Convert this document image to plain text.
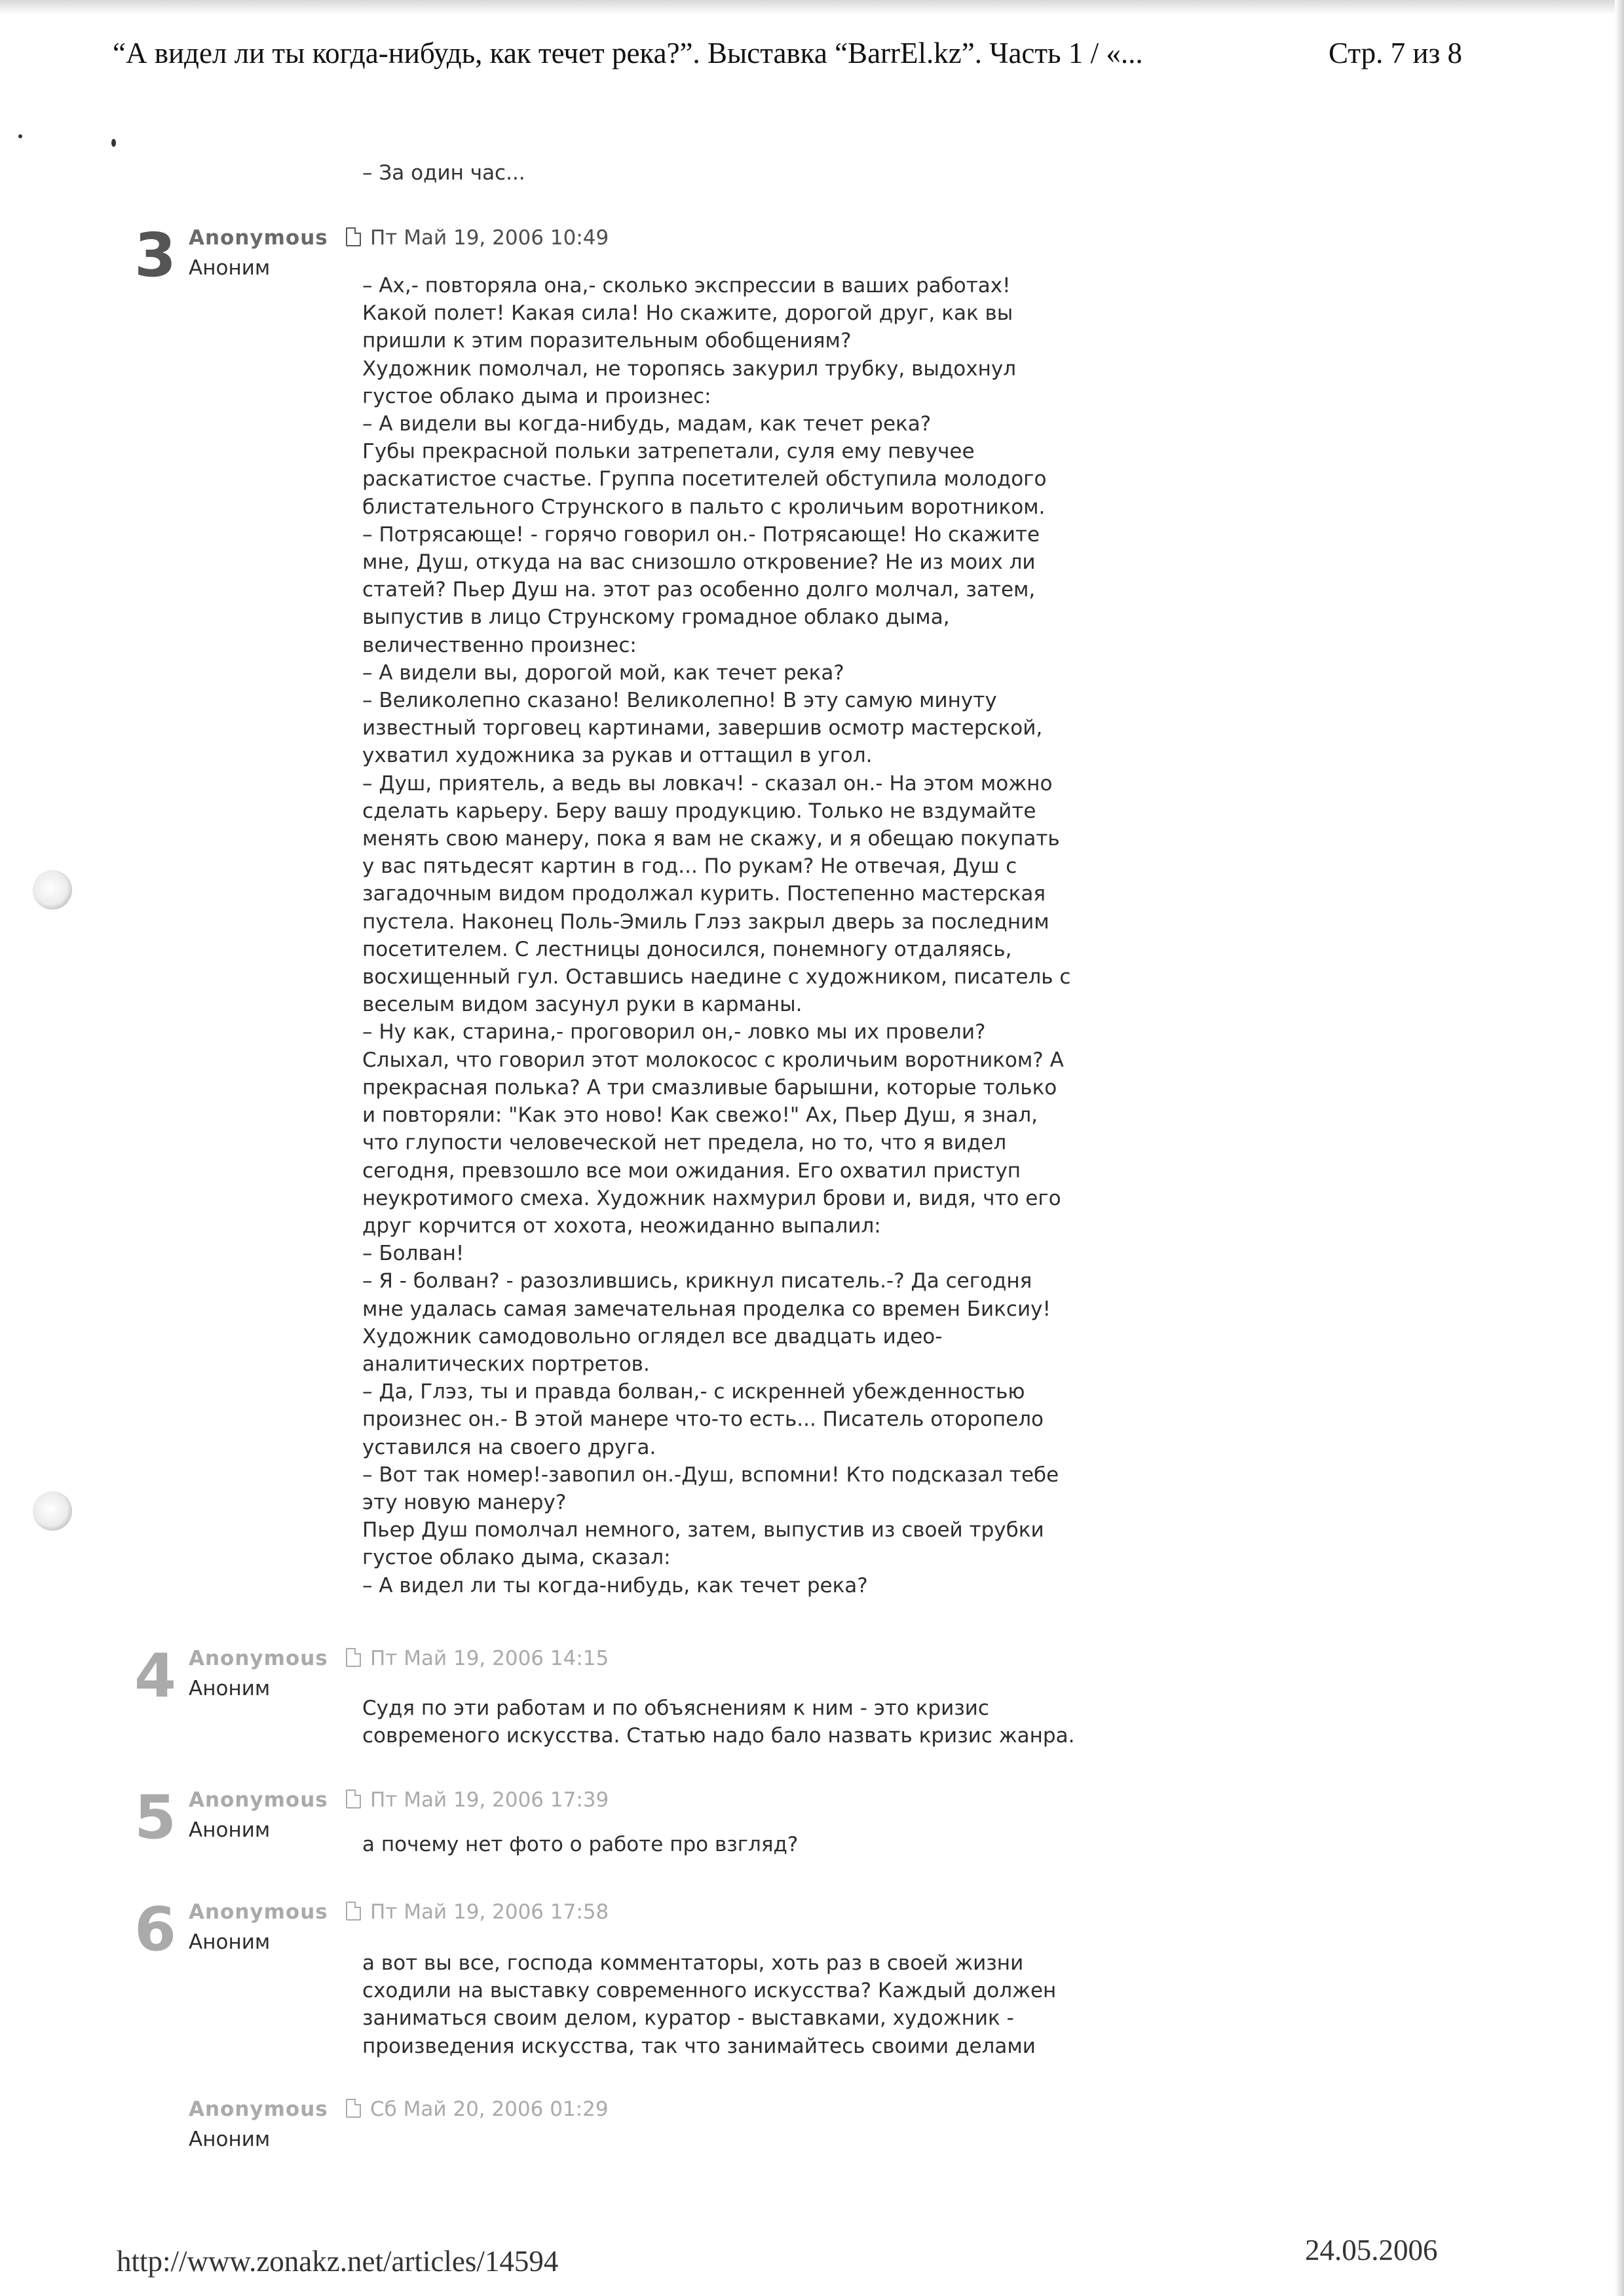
“А видел ли ты когда-нибудь, как течет река?”. Выставка “BarrEl.kz”. Часть 1 / «...	Стр. 7 из 8
– За один час...
3 Anonymous
Аноним
Пт Май 19, 2006 10:49
– Ах,- повторяла она,- сколько экспрессии в ваших работах!
Какой полет! Какая сила! Но скажите, дорогой друг, как вы
пришли к этим поразительным обобщениям?
Художник помолчал, не торопясь закурил трубку, выдохнул
густое облако дыма и произнес:
– А видели вы когда-нибудь, мадам, как течет река?
Губы прекрасной польки затрепетали, суля ему певучее
раскатистое счастье. Группа посетителей обступила молодого
блистательного Струнского в пальто с кроличьим воротником.
– Потрясающе! - горячо говорил он.- Потрясающе! Но скажите
мне, Душ, откуда на вас снизошло откровение? Не из моих ли
статей? Пьер Душ на. этот раз особенно долго молчал, затем,
выпустив в лицо Струнскому громадное облако дыма,
величественно произнес:
– А видели вы, дорогой мой, как течет река?
– Великолепно сказано! Великолепно! В эту самую минуту
известный торговец картинами, завершив осмотр мастерской,
ухватил художника за рукав и оттащил в угол.
– Душ, приятель, а ведь вы ловкач! - сказал он.- На этом можно
сделать карьеру. Беру вашу продукцию. Только не вздумайте
менять свою манеру, пока я вам не скажу, и я обещаю покупать
у вас пятьдесят картин в год... По рукам? Не отвечая, Душ с
загадочным видом продолжал курить. Постепенно мастерская
пустела. Наконец Поль-Эмиль Глэз закрыл дверь за последним
посетителем. С лестницы доносился, понемногу отдаляясь,
восхищенный гул. Оставшись наедине с художником, писатель с
веселым видом засунул руки в карманы.
– Ну как, старина,- проговорил он,- ловко мы их провели?
Слыхал, что говорил этот молокосос с кроличьим воротником? А
прекрасная полька? А три смазливые барышни, которые только
и повторяли: "Как это ново! Как свежо!" Ах, Пьер Душ, я знал,
что глупости человеческой нет предела, но то, что я видел
сегодня, превзошло все мои ожидания. Его охватил приступ
неукротимого смеха. Художник нахмурил брови и, видя, что его
друг корчится от хохота, неожиданно выпалил:
– Болван!
– Я - болван? - разозлившись, крикнул писатель.-? Да сегодня
мне удалась самая замечательная проделка со времен Биксиу!
Художник самодовольно оглядел все двадцать идео-
аналитических портретов.
– Да, Глэз, ты и правда болван,- с искренней убежденностью
произнес он.- В этой манере что-то есть... Писатель оторопело
уставился на своего друга.
– Вот так номер!-завопил он.-Душ, вспомни! Кто подсказал тебе
эту новую манеру?
Пьер Душ помолчал немного, затем, выпустив из своей трубки
густое облако дыма, сказал:
– А видел ли ты когда-нибудь, как течет река?
4 Anonymous
Аноним
Пт Май 19, 2006 14:15
Судя по эти работам и по объяснениям к ним - это кризис
современого искусства. Статью надо бало назвать кризис жанра.
5 Anonymous
Аноним
Пт Май 19, 2006 17:39
а почему нет фото о работе про взгляд?
6 Anonymous
Аноним
Пт Май 19, 2006 17:58
а вот вы все, господа комментаторы, хоть раз в своей жизни
сходили на выставку современного искусства? Каждый должен
заниматься своим делом, куратор - выставками, художник -
произведения искусства, так что занимайтесь своими делами
Anonymous
Аноним
Сб Май 20, 2006 01:29
http://www.zonakz.net/articles/14594	24.05.2006
